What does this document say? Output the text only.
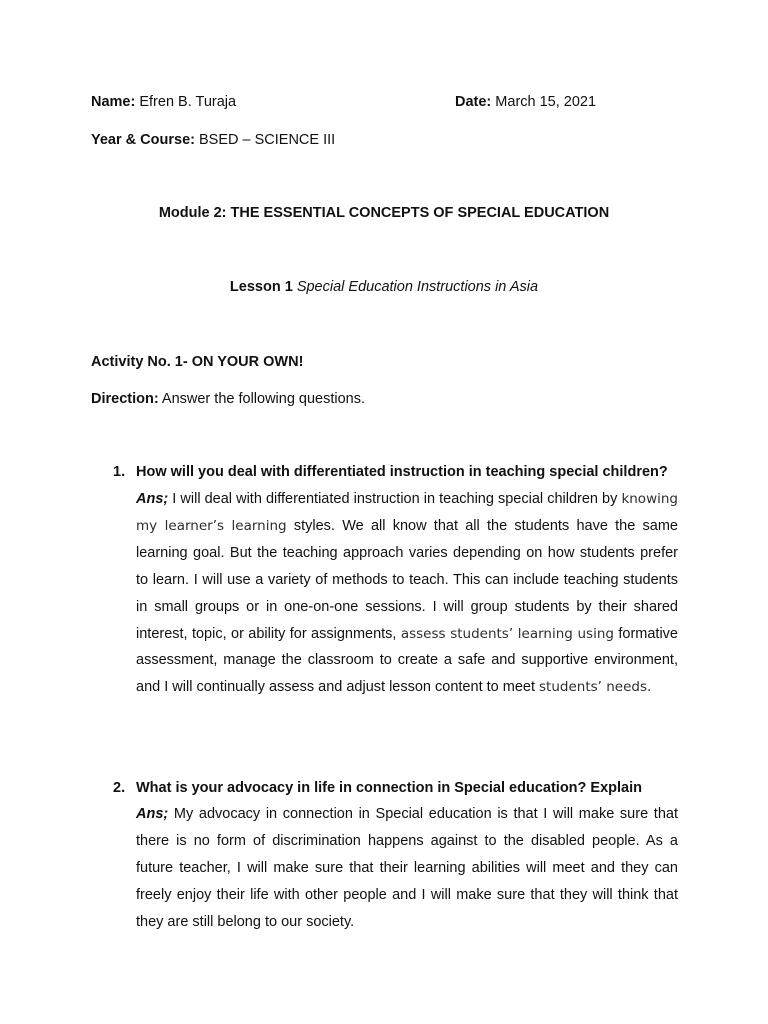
Name: Efren B. Turaja	Date: March 15, 2021
Year & Course: BSED – SCIENCE III
Module 2: THE ESSENTIAL CONCEPTS OF SPECIAL EDUCATION
Lesson 1 Special Education Instructions in Asia
Activity No. 1- ON YOUR OWN!
Direction: Answer the following questions.
1. How will you deal with differentiated instruction in teaching special children?
Ans; I will deal with differentiated instruction in teaching special children by knowing my learner’s learning styles. We all know that all the students have the same learning goal. But the teaching approach varies depending on how students prefer to learn. I will use a variety of methods to teach. This can include teaching students in small groups or in one-on-one sessions. I will group students by their shared interest, topic, or ability for assignments, assess students’ learning using formative assessment, manage the classroom to create a safe and supportive environment, and I will continually assess and adjust lesson content to meet students’ needs.
2. What is your advocacy in life in connection in Special education? Explain
Ans; My advocacy in connection in Special education is that I will make sure that there is no form of discrimination happens against to the disabled people. As a future teacher, I will make sure that their learning abilities will meet and they can freely enjoy their life with other people and I will make sure that they will think that they are still belong to our society.
